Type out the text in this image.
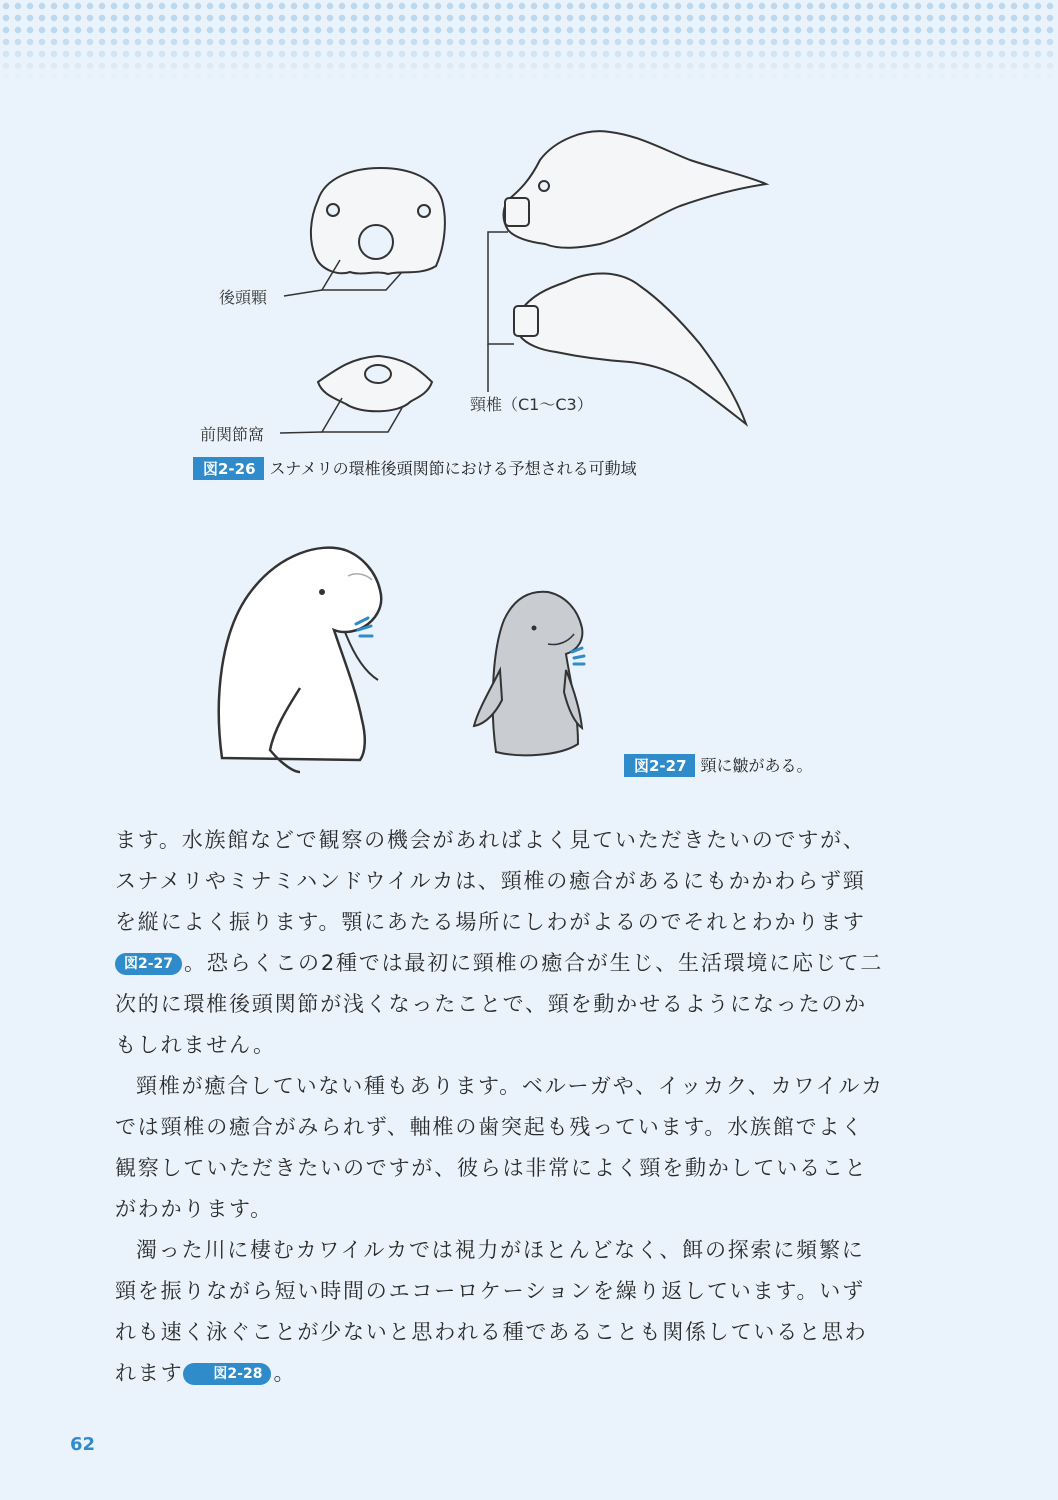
後頭顆
前関節窩
頸椎（C1～C3）
図2-26 スナメリの環椎後頭関節における予想される可動域
図2-27 頸に皺がある。

ます。水族館などで観察の機会があればよく見ていただきたいのですが、スナメリやミナミハンドウイルカは、頸椎の癒合があるにもかかわらず頸を縦によく振ります。顎にあたる場所にしわがよるのでそれとわかります図2-27 。恐らくこの2種では最初に頸椎の癒合が生じ、生活環境に応じて二次的に環椎後頭関節が浅くなったことで、頸を動かせるようになったのかもしれません。

頸椎が癒合していない種もあります。ベルーガや、イッカク、カワイルカでは頸椎の癒合がみられず、軸椎の歯突起も残っています。水族館でよく観察していただきたいのですが、彼らは非常によく頸を動かしていることがわかります。

濁った川に棲むカワイルカでは視力がほとんどなく、餌の探索に頻繁に頸を振りながら短い時間のエコーロケーションを繰り返しています。いずれも速く泳ぐことが少ないと思われる種であることも関係していると思われます 図2-28 。

62
